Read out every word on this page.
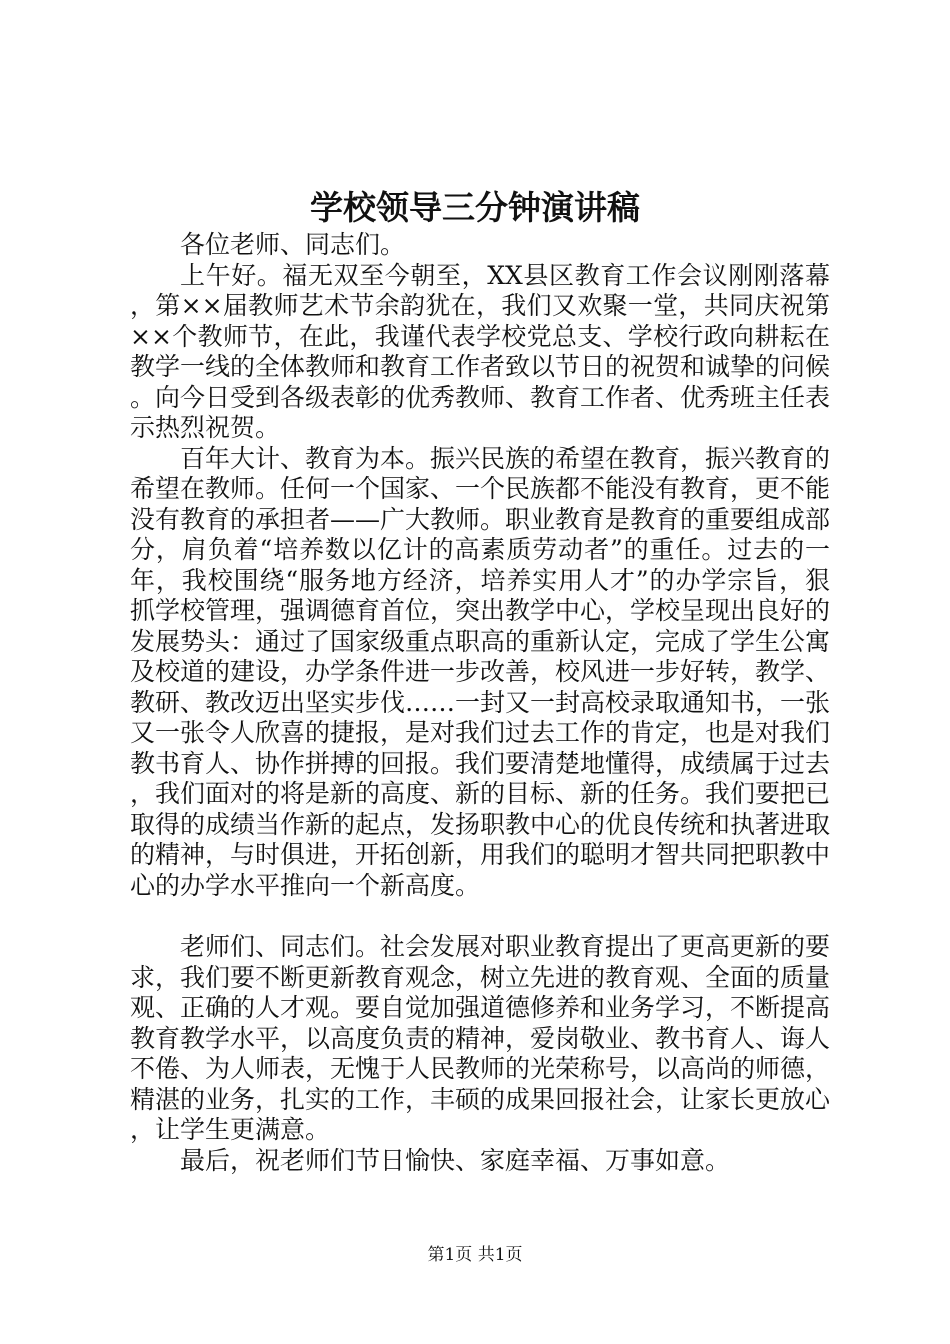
学校领导三分钟演讲稿

各位老师、同志们。

上午好。福无双至今朝至，XX县区教育工作会议刚刚落幕，第××届教师艺术节余韵犹在，我们又欢聚一堂，共同庆祝第××个教师节，在此，我谨代表学校党总支、学校行政向耕耘在教学一线的全体教师和教育工作者致以节日的祝贺和诚挚的问候。向今日受到各级表彰的优秀教师、教育工作者、优秀班主任表示热烈祝贺。

百年大计、教育为本。振兴民族的希望在教育，振兴教育的希望在教师。任何一个国家、一个民族都不能没有教育，更不能没有教育的承担者——广大教师。职业教育是教育的重要组成部分，肩负着“培养数以亿计的高素质劳动者”的重任。过去的一年，我校围绕“服务地方经济，培养实用人才”的办学宗旨，狠抓学校管理，强调德育首位，突出教学中心，学校呈现出良好的发展势头：通过了国家级重点职高的重新认定，完成了学生公寓及校道的建设，办学条件进一步改善，校风进一步好转，教学、教研、教改迈出坚实步伐……一封又一封高校录取通知书，一张又一张令人欣喜的捷报，是对我们过去工作的肯定，也是对我们教书育人、协作拼搏的回报。我们要清楚地懂得，成绩属于过去，我们面对的将是新的高度、新的目标、新的任务。我们要把已取得的成绩当作新的起点，发扬职教中心的优良传统和执著进取的精神，与时俱进，开拓创新，用我们的聪明才智共同把职教中心的办学水平推向一个新高度。

老师们、同志们。社会发展对职业教育提出了更高更新的要求，我们要不断更新教育观念，树立先进的教育观、全面的质量观、正确的人才观。要自觉加强道德修养和业务学习，不断提高教育教学水平，以高度负责的精神，爱岗敬业、教书育人、诲人不倦、为人师表，无愧于人民教师的光荣称号，以高尚的师德，精湛的业务，扎实的工作，丰硕的成果回报社会，让家长更放心，让学生更满意。

最后，祝老师们节日愉快、家庭幸福、万事如意。

第1页 共1页
